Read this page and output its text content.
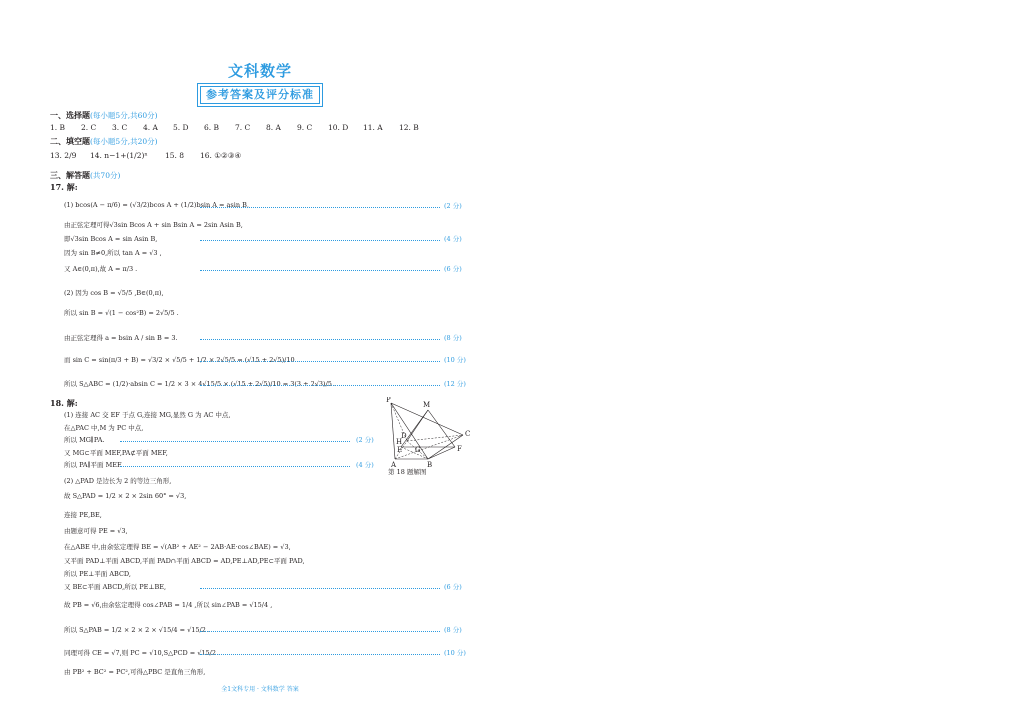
文科数学
参考答案及评分标准
一、选择题(每小题5分,共60分)
1. B 2. C 3. C 4. A 5. D 6. B 7. C 8. A 9. C 10. D 11. A 12. B
二、填空题(每小题5分,共20分)
13. 2/9 14. n−1+(1/2)ⁿ 15. 8 16. ①②③④
三、解答题(共70分)
17. 解:
(1) bcos(A − π/6) = (√3/2)bcos A + (1/2)bsin A = asin B,
由正弦定理可得√3sin Bcos A + sin Bsin A = 2sin Asin B,
即√3sin Bcos A = sin Asin B,
因为 sin B≠0,所以 tan A = √3 ,
又 A∈(0,π),故 A = π/3 .
(2) 因为 cos B = √5/5 ,B∈(0,π),
所以 sin B = √(1 − cos²B) = 2√5/5 .
由正弦定理得 a = bsin A / sin B = 3.
而 sin C = sin(π/3 + B) = √3/2 × √5/5 + 1/2 × 2√5/5 = (√15 + 2√5)/10 .
所以 S△ABC = (1/2)·absin C = 1/2 × 3 × 4√15/5 × (√15 + 2√5)/10 = 3(3 + 2√3)/5 .
(2 分)
(4 分)
(6 分)
(8 分)
(10 分)
(12 分)
18. 解:
(1) 连接 AC 交 EF 于点 G,连接 MG,显然 G 为 AC 中点,
在△PAC 中,M 为 PC 中点,
所以 MG∥PA.
又 MG⊂平面 MEF,PA⊄平面 MEF,
所以 PA∥平面 MEF.
(2) △PAD 是边长为 2 的等边三角形,
故 S△PAD = 1/2 × 2 × 2sin 60° = √3,
连接 PE,BE,
由题意可得 PE = √3,
在△ABE 中,由余弦定理得 BE = √(AB² + AE² − 2AB·AE·cos∠BAE) = √3,
又平面 PAD⊥平面 ABCD,平面 PAD∩平面 ABCD = AD,PE⊥AD,PE⊂平面 PAD,
所以 PE⊥平面 ABCD,
又 BE⊂平面 ABCD,所以 PE⊥BE,
故 PB = √6,由余弦定理得 cos∠PAB = 1/4 ,所以 sin∠PAB = √15/4 ,
所以 S△PAB = 1/2 × 2 × 2 × √15/4 = √15/2 .
同理可得 CE = √7,则 PC = √10,S△PCD = √15/2 .
由 PB² + BC² = PC²,可得△PBC 是直角三角形,
(2 分)
(4 分)
(6 分)
(8 分)
(10 分)
P
M
C
D
H
E G	F
A	B
第 18 题解图
全1文科专用 · 文科数学 答案
